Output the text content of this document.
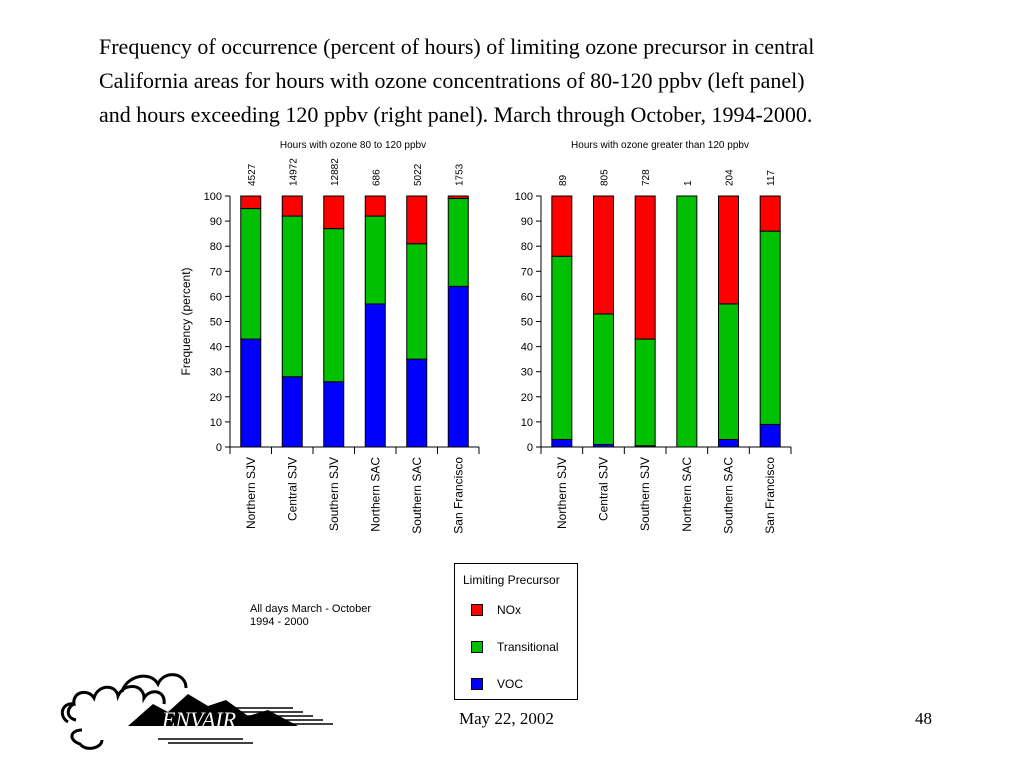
Frequency of occurrence (percent of hours) of limiting ozone precursor in central
California areas for hours with ozone concentrations of 80-120 ppbv (left panel)
and hours exceeding 120 ppbv (right panel). March through October, 1994-2000.
Hours with ozone 80 to 120 ppbv
Frequency (percent)
0
10
20
30
40
50
60
70
80
90
100
Northern SJV
4527
Central SJV
14972
Southern SJV
12882
Northern SAC
686
Southern SAC
5022
San Francisco
1753
Hours with ozone greater than 120 ppbv
0
10
20
30
40
50
60
70
80
90
100
Northern SJV
89
Central SJV
805
Southern SJV
728
Northern SAC
1
Southern SAC
204
San Francisco
117
All days March - October
1994 - 2000
Limiting Precursor
NOx
Transitional
VOC
ENVAIR	May 22, 2002	48
